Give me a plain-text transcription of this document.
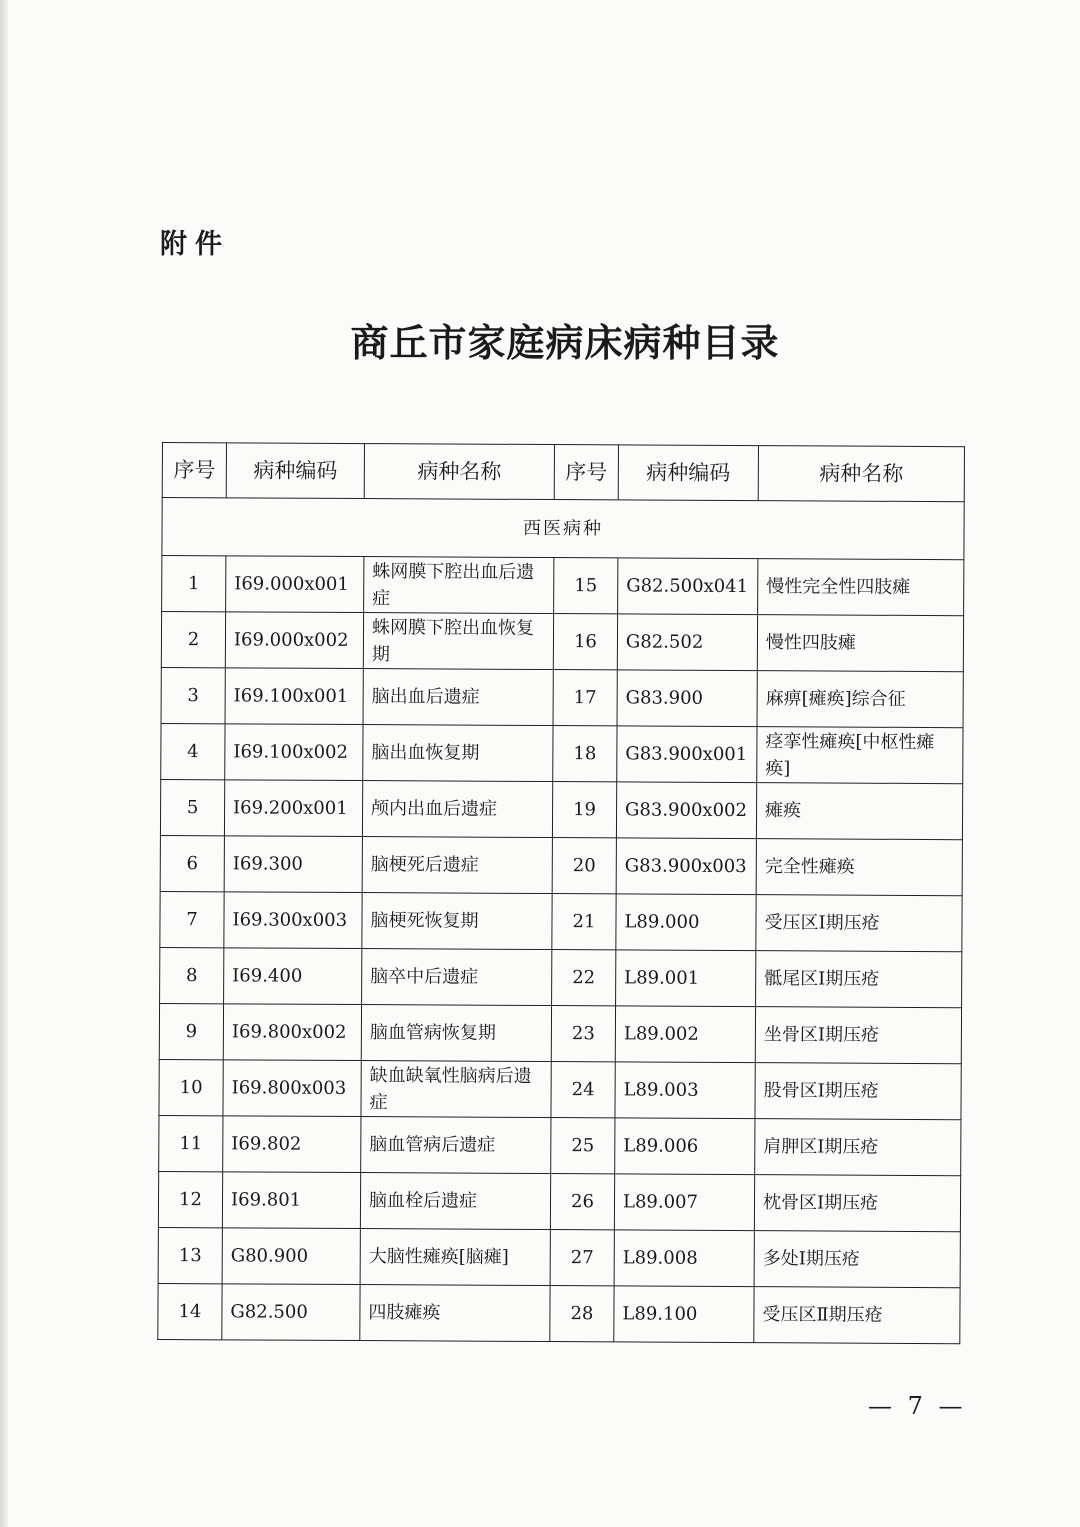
附件
商丘市家庭病床病种目录
序号	病种编码	病种名称	序号	病种编码	病种名称
西医病种					
1	I69.000x001	蛛网膜下腔出血后遗症	15	G82.500x041	慢性完全性四肢瘫
2	I69.000x002	蛛网膜下腔出血恢复期	16	G82.502	慢性四肢瘫
3	I69.100x001	脑出血后遗症	17	G83.900	麻痹[瘫痪]综合征
4	I69.100x002	脑出血恢复期	18	G83.900x001	痉挛性瘫痪[中枢性瘫痪]
5	I69.200x001	颅内出血后遗症	19	G83.900x002	瘫痪
6	I69.300	脑梗死后遗症	20	G83.900x003	完全性瘫痪
7	I69.300x003	脑梗死恢复期	21	L89.000	受压区Ⅰ期压疮
8	I69.400	脑卒中后遗症	22	L89.001	骶尾区Ⅰ期压疮
9	I69.800x002	脑血管病恢复期	23	L89.002	坐骨区Ⅰ期压疮
10	I69.800x003	缺血缺氧性脑病后遗症	24	L89.003	股骨区Ⅰ期压疮
11	I69.802	脑血管病后遗症	25	L89.006	肩胛区Ⅰ期压疮
12	I69.801	脑血栓后遗症	26	L89.007	枕骨区Ⅰ期压疮
13	G80.900	大脑性瘫痪[脑瘫]	27	L89.008	多处Ⅰ期压疮
14	G82.500	四肢瘫痪	28	L89.100	受压区Ⅱ期压疮
— 7 —
